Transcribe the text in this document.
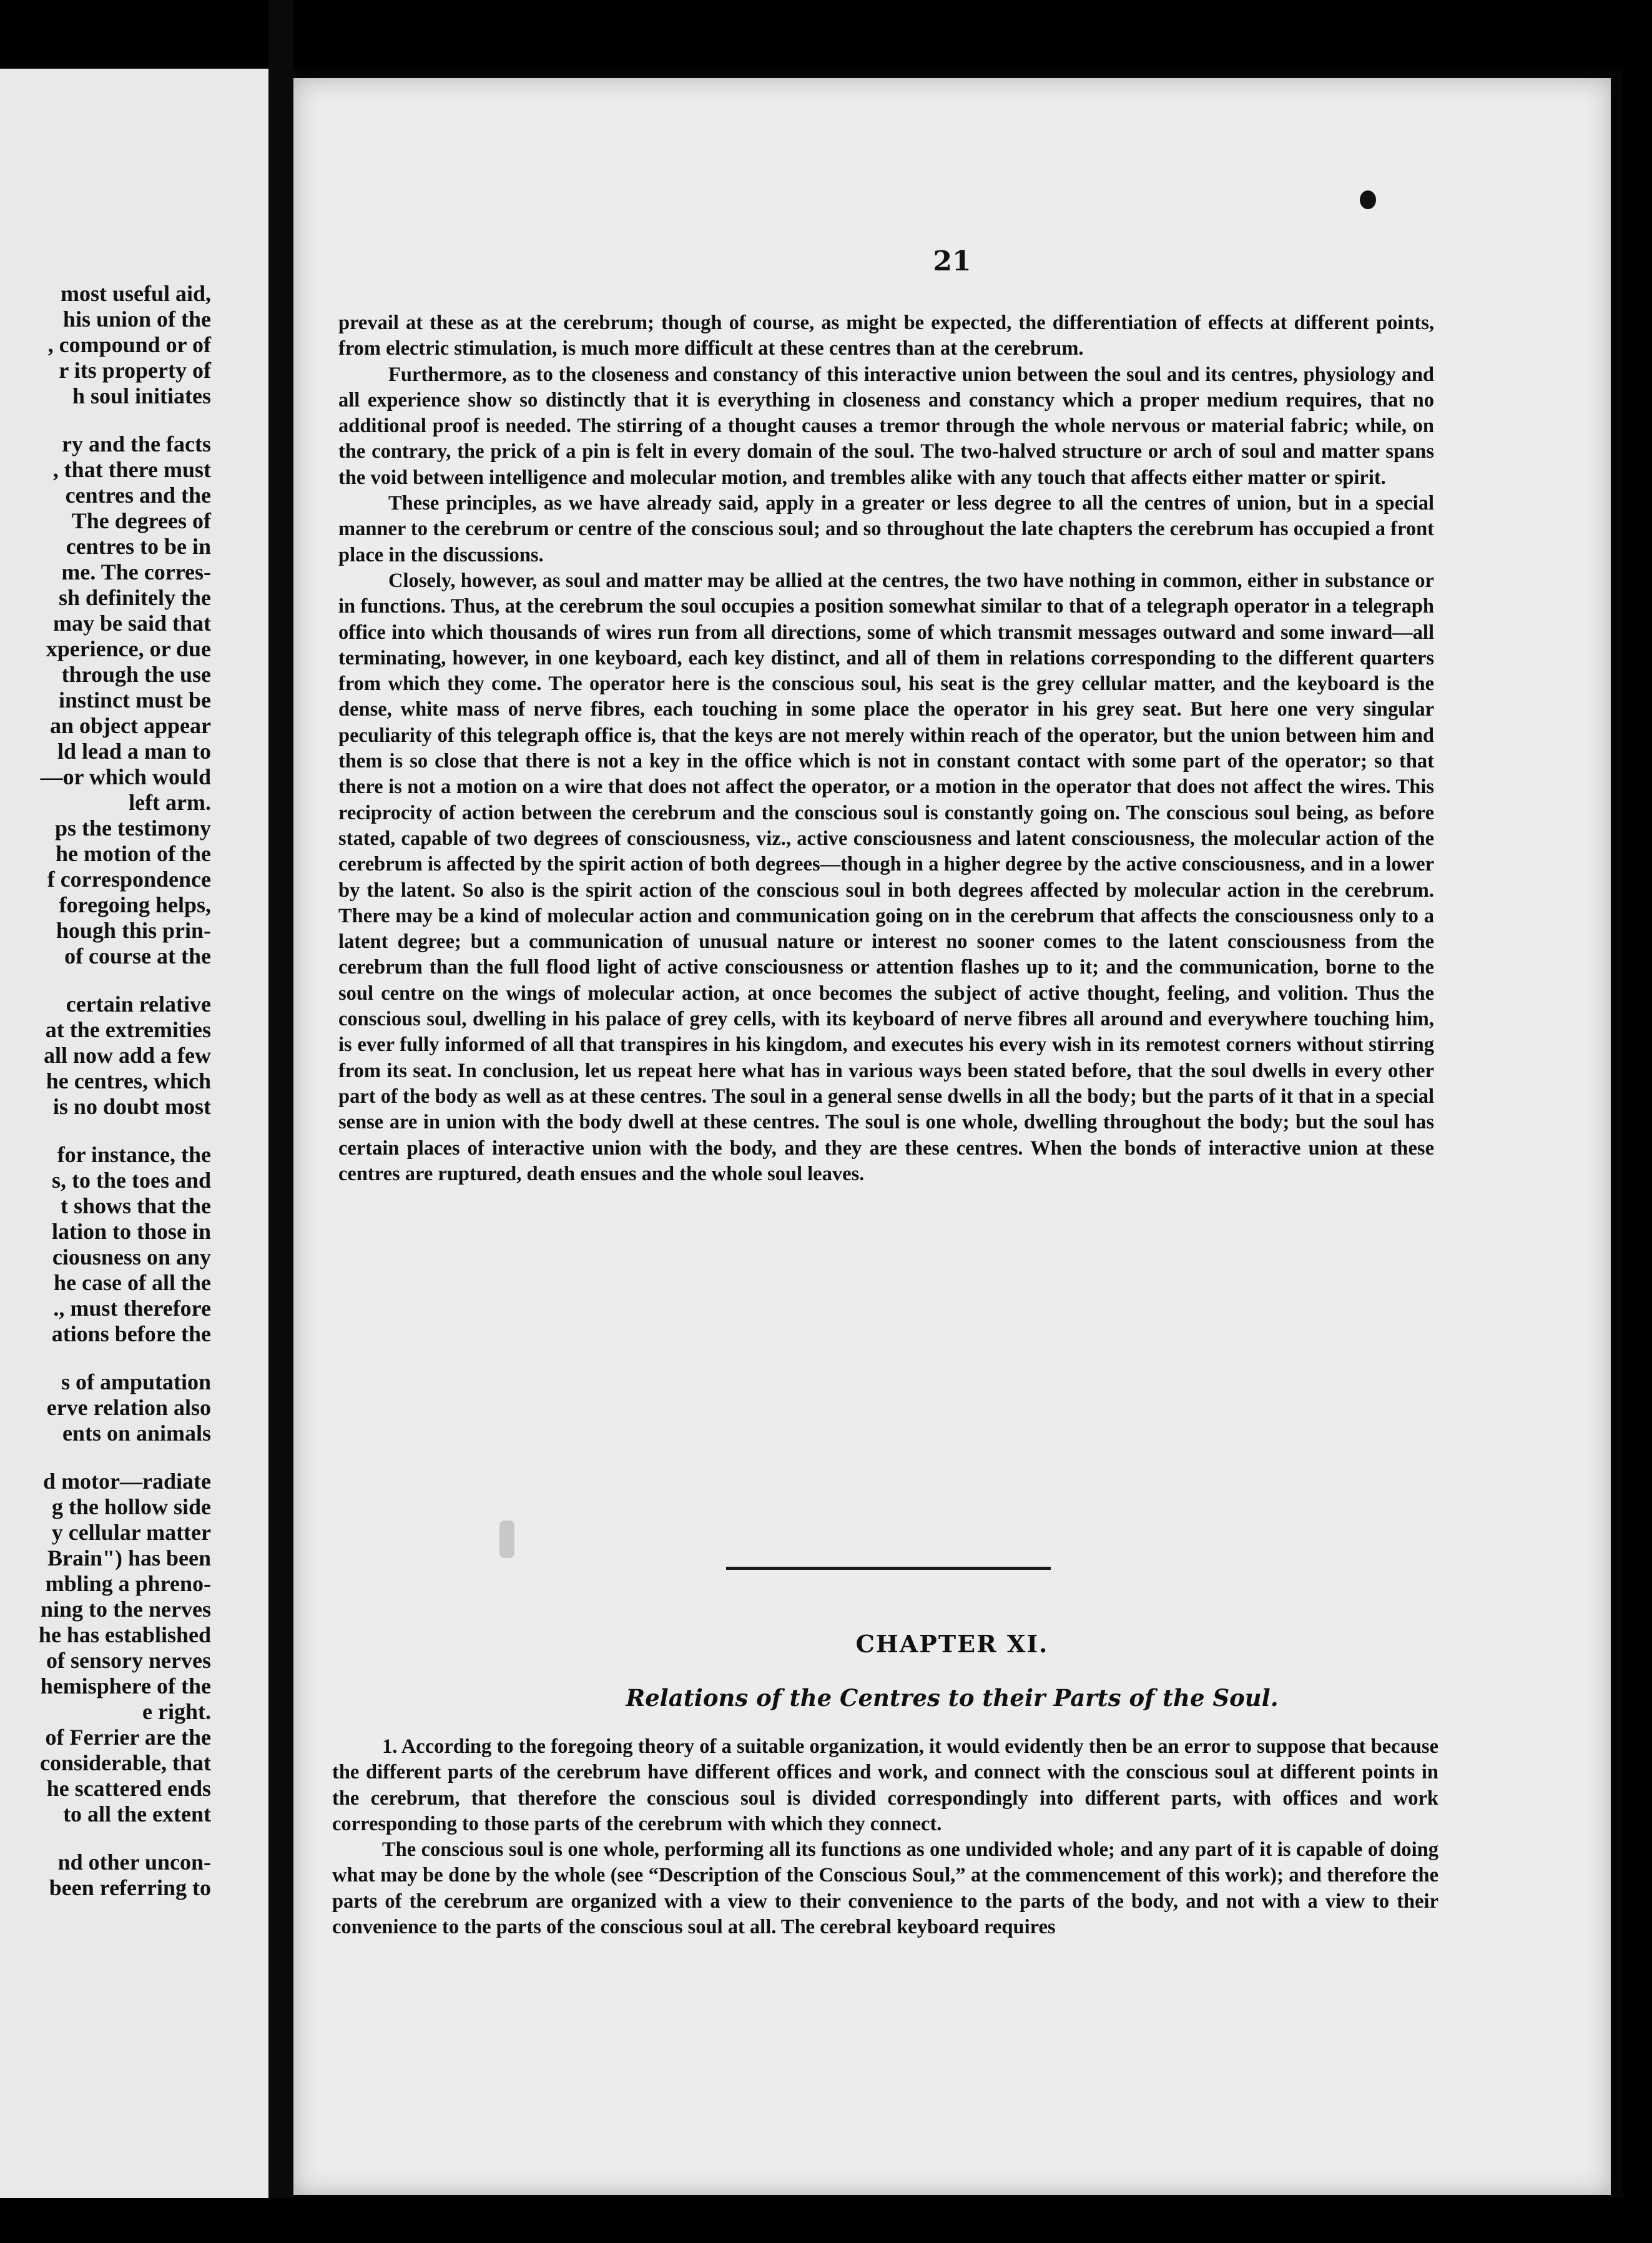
most useful aid,
his union of the
, compound or of
r its property of
h soul initiates
ry and the facts
, that there must
centres and the
The degrees of
centres to be in
me. The corres-
sh definitely the
may be said that
xperience, or due
through the use
instinct must be
an object appear
ld lead a man to
—or which would
left arm.
ps the testimony
he motion of the
f correspondence
foregoing helps,
hough this prin-
of course at the
certain relative
at the extremities
all now add a few
he centres, which
is no doubt most
for instance, the
s, to the toes and
t shows that the
lation to those in
ciousness on any
he case of all the
., must therefore
ations before the
s of amputation
erve relation also
ents on animals
d motor—radiate
g the hollow side
y cellular matter
Brain") has been
mbling a phreno-
ning to the nerves
he has established
of sensory nerves
hemisphere of the
e right.
of Ferrier are the
considerable, that
he scattered ends
to all the extent
nd other uncon-
been referring to
21

prevail at these as at the cerebrum; though of course, as might be expected, the differentiation of effects at different points, from electric stimulation, is much more difficult at these centres than at the cerebrum.

Furthermore, as to the closeness and constancy of this interactive union between the soul and its centres, physiology and all experience show so distinctly that it is everything in closeness and constancy which a proper medium requires, that no additional proof is needed. The stirring of a thought causes a tremor through the whole nervous or material fabric; while, on the contrary, the prick of a pin is felt in every domain of the soul. The two-halved structure or arch of soul and matter spans the void between intelligence and molecular motion, and trembles alike with any touch that affects either matter or spirit.

These principles, as we have already said, apply in a greater or less degree to all the centres of union, but in a special manner to the cerebrum or centre of the conscious soul; and so throughout the late chapters the cerebrum has occupied a front place in the discussions.

Closely, however, as soul and matter may be allied at the centres, the two have nothing in common, either in substance or in functions. Thus, at the cerebrum the soul occupies a position somewhat similar to that of a telegraph operator in a telegraph office into which thousands of wires run from all directions, some of which transmit messages outward and some inward—all terminating, however, in one keyboard, each key distinct, and all of them in relations corresponding to the different quarters from which they come. The operator here is the conscious soul, his seat is the grey cellular matter, and the keyboard is the dense, white mass of nerve fibres, each touching in some place the operator in his grey seat. But here one very singular peculiarity of this telegraph office is, that the keys are not merely within reach of the operator, but the union between him and them is so close that there is not a key in the office which is not in constant contact with some part of the operator; so that there is not a motion on a wire that does not affect the operator, or a motion in the operator that does not affect the wires. This reciprocity of action between the cerebrum and the conscious soul is constantly going on. The conscious soul being, as before stated, capable of two degrees of consciousness, viz., active consciousness and latent consciousness, the molecular action of the cerebrum is affected by the spirit action of both degrees—though in a higher degree by the active consciousness, and in a lower by the latent. So also is the spirit action of the conscious soul in both degrees affected by molecular action in the cerebrum. There may be a kind of molecular action and communication going on in the cerebrum that affects the consciousness only to a latent degree; but a communication of unusual nature or interest no sooner comes to the latent consciousness from the cerebrum than the full flood light of active consciousness or attention flashes up to it; and the communication, borne to the soul centre on the wings of molecular action, at once becomes the subject of active thought, feeling, and volition. Thus the conscious soul, dwelling in his palace of grey cells, with its keyboard of nerve fibres all around and everywhere touching him, is ever fully informed of all that transpires in his kingdom, and executes his every wish in its remotest corners without stirring from its seat. In conclusion, let us repeat here what has in various ways been stated before, that the soul dwells in every other part of the body as well as at these centres. The soul in a general sense dwells in all the body; but the parts of it that in a special sense are in union with the body dwell at these centres. The soul is one whole, dwelling throughout the body; but the soul has certain places of interactive union with the body, and they are these centres. When the bonds of interactive union at these centres are ruptured, death ensues and the whole soul leaves.

CHAPTER XI.
Relations of the Centres to their Parts of the Soul.

1. According to the foregoing theory of a suitable organization, it would evidently then be an error to suppose that because the different parts of the cerebrum have different offices and work, and connect with the conscious soul at different points in the cerebrum, that therefore the conscious soul is divided correspondingly into different parts, with offices and work corresponding to those parts of the cerebrum with which they connect.

The conscious soul is one whole, performing all its functions as one undivided whole; and any part of it is capable of doing what may be done by the whole (see “Description of the Conscious Soul,” at the commencement of this work); and therefore the parts of the cerebrum are organized with a view to their convenience to the parts of the body, and not with a view to their convenience to the parts of the conscious soul at all. The cerebral keyboard requires
